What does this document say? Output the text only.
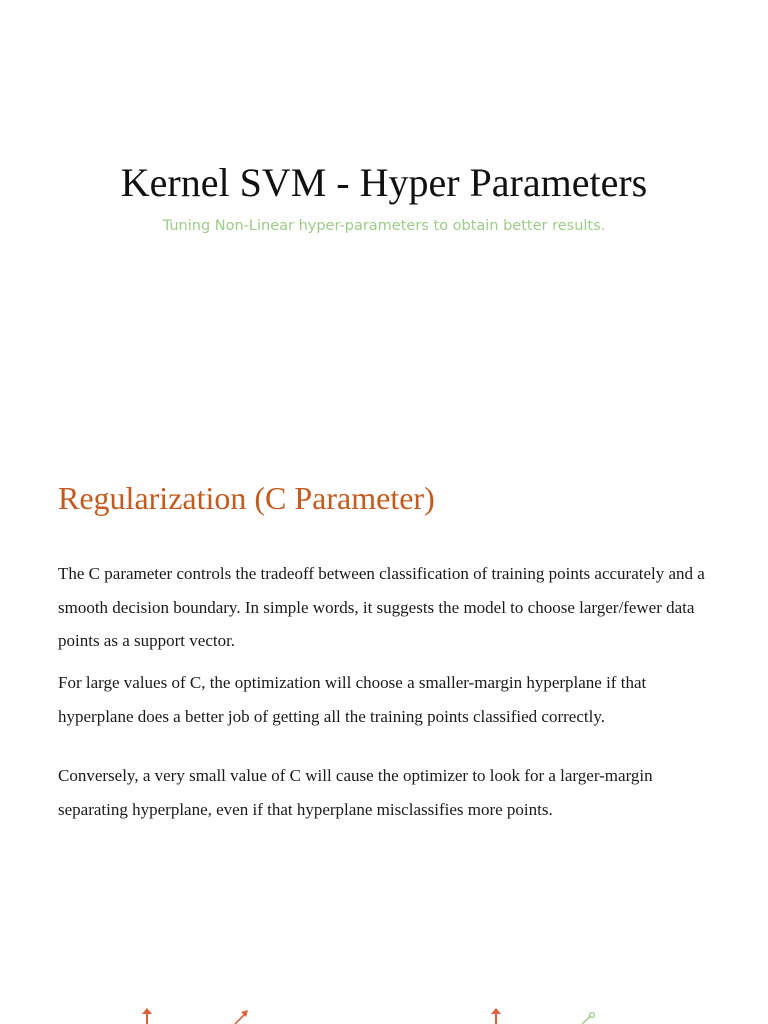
Kernel SVM - Hyper Parameters
Tuning Non-Linear hyper-parameters to obtain better results.
Regularization (C Parameter)

The C parameter controls the tradeoff between classification of training points accurately and a smooth decision boundary. In simple words, it suggests the model to choose larger/fewer data points as a support vector.

For large values of C, the optimization will choose a smaller-margin hyperplane if that hyperplane does a better job of getting all the training points classified correctly.

Conversely, a very small value of C will cause the optimizer to look for a larger-margin separating hyperplane, even if that hyperplane misclassifies more points.
